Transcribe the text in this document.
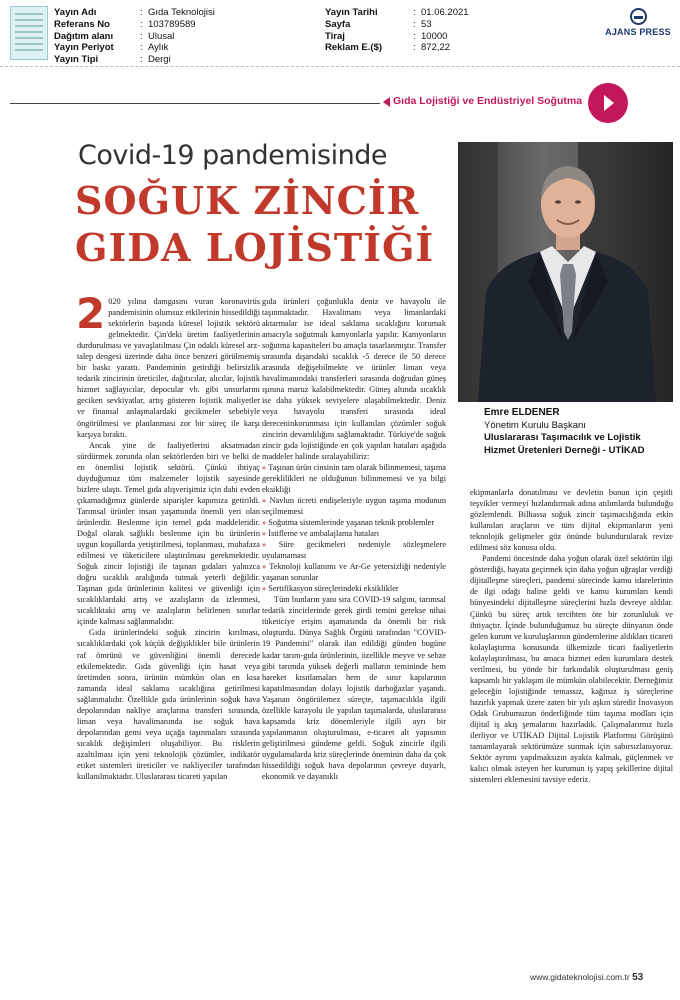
Yayın Adı	: Gıda Teknolojisi
Referans No	: 103789589
Dağıtım alanı	: Ulusal
Yayın Periyot	: Aylık
Yayın Tipi	: Dergi
Yayın Tarihi	: 01.06.2021
Sayfa	: 53
Tiraj	: 10000
Reklam E.($)	: 872,22
AJANS PRESS
Gıda Lojistiği ve Endüstriyel Soğutma
Covid-19 pandemisinde
SOĞUK ZİNCİR
GIDA LOJİSTİĞİ
Emre ELDENER
Yönetim Kurulu Başkanı
Uluslararası Taşımacılık ve Lojistik
Hizmet Üretenleri Derneği - UTİKAD

2 020 yılına damgasını vuran koronavirüs pandemisinin olumsuz etkilerinin hissedildiği sektörlerin başında küresel lojistik sektörü gelmektedir. Çin'deki üretim faaliyetlerinin durdurulması ve yavaşlatılması Çin odaklı küresel arz-talep dengesi üzerinde daha önce benzeri görülmemiş bir baskı yarattı. Pandeminin getirdiği belirsizlik tedarik zincirinin üreticiler, dağıtıcılar, alıcılar, lojistik hizmet sağlayıcılar, depocular vb. gibi unsurlarını geciken sevkiyatlar, artış gösteren lojistik maliyetler ve finansal anlaşmalardaki gecikmeler sebebiyle öngörülmesi ve planlanması zor bir süreç ile karşı karşıya bıraktı.

Ancak yine de faaliyetlerini aksatmadan sürdürmek zorunda olan sektörlerden biri ve belki de en önemlisi lojistik sektörü. Çünkü ihtiyaç duyduğumuz tüm malzemeler lojistik sayesinde bizlere ulaştı. Temel gıda alışverişimiz için dahi evden çıkamadığımız günlerde siparişler kapımıza getirildi. Tarımsal ürünler insan yaşamında önemli yeri olan ürünlerdir. Beslenme için temel gıda maddeleridir. Doğal olarak sağlıklı beslenme için bu ürünlerin uygun koşullarda yetiştirilmesi, toplanması, muhafaza edilmesi ve tüketicilere ulaştırılması gerekmektedir. Soğuk zincir lojistiği ile taşınan gıdaları yalnızca doğru sıcaklık aralığında tutmak yeterli değildir. Taşınan gıda ürünlerinin kalitesi ve güvenliği için sıcaklıklardaki artış ve azalışların da izlenmesi, sıcaklıktaki artış ve azalışların belirlenen sınırlar içinde kalması sağlanmalıdır.

Gıda ürünlerindeki soğuk zincirin kırılması, sıcaklıklardaki çok küçük değişiklikler bile ürünlerin raf ömrünü ve güvenliğini önemli derecede etkilemektedir. Gıda güvenliği için hasat veya üretimden sonra, ürünün mümkün olan en kısa zamanda ideal saklama sıcaklığına getirilmesi sağlanmalıdır. Özellikle gıda ürünlerinin soğuk hava depolarından nakliye araçlarına transferi sırasında, liman veya havalimanında ise soğuk hava depolarından gemi veya uçağa taşınmaları sırasında sıcaklık değişimleri oluşabiliyor. Bu risklerin azaltılması için yeni teknolojik çözümler, indikatör etiket sistemleri üreticiler ve nakliyeciler tarafından kullanılmaktadır. Uluslararası ticareti yapılan

gıda ürünleri çoğunlukla deniz ve havayolu ile taşınmaktadır. Havalimanı veya limanlardaki aktarmalar ise ideal saklama sıcaklığını korumak amacıyla soğutmalı kamyonlarla yapılır. Kamyonların soğutma kapasiteleri bu amaçla tasarlanmıştır. Transfer sırasında dışarıdaki sıcaklık -5 derece ile 50 derece arasında değişebilmekte ve ürünler liman veya havalimanındaki transferleri sırasında doğrudan güneş ışınına maruz kalabilmektedir. Güneş altında sıcaklık ise daha yüksek seviyelere ulaşabilmektedir. Deniz veya havayolu transferi sırasında ideal dereceninkorunması için kullanılan çözümler soğuk zincirin devamlılığını sağlamaktadır. Türkiye'de soğuk zincir gıda lojistiğinde en çok yapılan hataları aşağıda maddeler halinde sıralayabiliriz:

» Taşınan ürün cinsinin tam olarak bilinmemesi, taşıma gereklilikleri ne olduğunun bilinmemesi ve ya bilgi eksikliği

» Navlun ücreti endişeleriyle uygun taşıma modunun seçilmemesi

» Soğutma sistemlerinde yaşanan teknik problemler

» İstifleme ve ambalajlama hataları

» Süre gecikmeleri nedeniyle sözleşmelere uyulamaması

» Teknoloji kullanımı ve Ar-Ge yetersizliği nedeniyle yaşanan sorunlar

» Sertifikasyon süreçlerindeki eksiklikler

Tüm bunların yanı sıra COVID-19 salgını, tarımsal tedarik zincirlerinde gerek girdi temini gerekse nihai tüketiciye erişim aşamasında da önemli bir risk oluşturdu. Dünya Sağlık Örgütü tarafından "COVID-19 Pandemisi" olarak ilan edildiği günden bugüne kadar tarım-gıda ürünlerinin, özellikle meyve ve sebze gibi tarımda yüksek değerli malların temininde hem hareket kısıtlamaları hem de sınır kapılarının kapatılmasından dolayı lojistik darboğazlar yaşandı. Yaşanan öngörülemez süreçte, taşımacılıkla ilgili özellikle karayolu ile yapılan taşımalarda, uluslararası kapsamda kriz dönemleriyle ilgili ayrı bir yapılanmanın oluşturulması, e-ticaret alt yapısının geliştirilmesi gündeme geldi. Soğuk zincirle ilgili uygulamalarda kriz süreçlerinde öneminin daha da çok hissedildiği soğuk hava depolarının çevreye duyarlı, ekonomik ve dayanıklı

ekipmanlarla donatılması ve devletin bunun için çeşitli teşvikler vermeyi hızlandırmak adına atılımlarda bulunduğu gözlemlendi. Bilhassa soğuk zincir taşımacılığında etkin kullanılan araçların ve tüm dijital ekipmanların yeni teknolojik gelişmeler göz önünde bulundurularak revize edilmesi söz konusu oldu.

Pandemi öncesinde daha yoğun olarak özel sektörün ilgi gösterdiği, hayata geçirmek için daha yoğun uğraşlar verdiği dijitalleşme süreçleri, pandemi sürecinde kamu idarelerinin de ilgi odağı haline geldi ve kamu kurumları kendi bünyesindeki dijitalleşme süreçlerini hızla devreye aldılar. Çünkü bu süreç artık tercihten öte bir zorunluluk ve ihtiyaçtır. İçinde bulunduğumuz bu süreçte dünyanın önde gelen kurum ve kuruluşlarının gündemlerine aldıkları ticareti kolaylaştırma konusunda ülkemizde ticari faaliyetlerin kolaylaştırılması, bu amaca hizmet eden kurumlara destek verilmesi, bu yönde bir farkındalık oluşturulması geniş kapsamlı bir yaklaşım ile mümkün olabilecektir. Derneğimiz geleceğin lojistiğinde temassız, kağıtsız iş süreçlerine hazırlık yapmak üzere zaten bir yılı aşkın süredir İnovasyon Odak Grubumuzun önderliğinde tüm taşıma modları için dijital iş akış şemalarını hazırladık. Çalışmalarımız hızla ilerliyor ve UTİKAD Dijital Lojistik Platformu Görüşünü tamamlayarak sektörümüze sunmak için sabırsızlanıyoruz. Sektör ayrımı yapılmaksızın ayakta kalmak, güçlenmek ve kalıcı olmak isteyen her kurumun iş yapış şekillerine dijital sistemleri eklemesini tavsiye ederiz.

www.gidateknolojisi.com.tr 53
